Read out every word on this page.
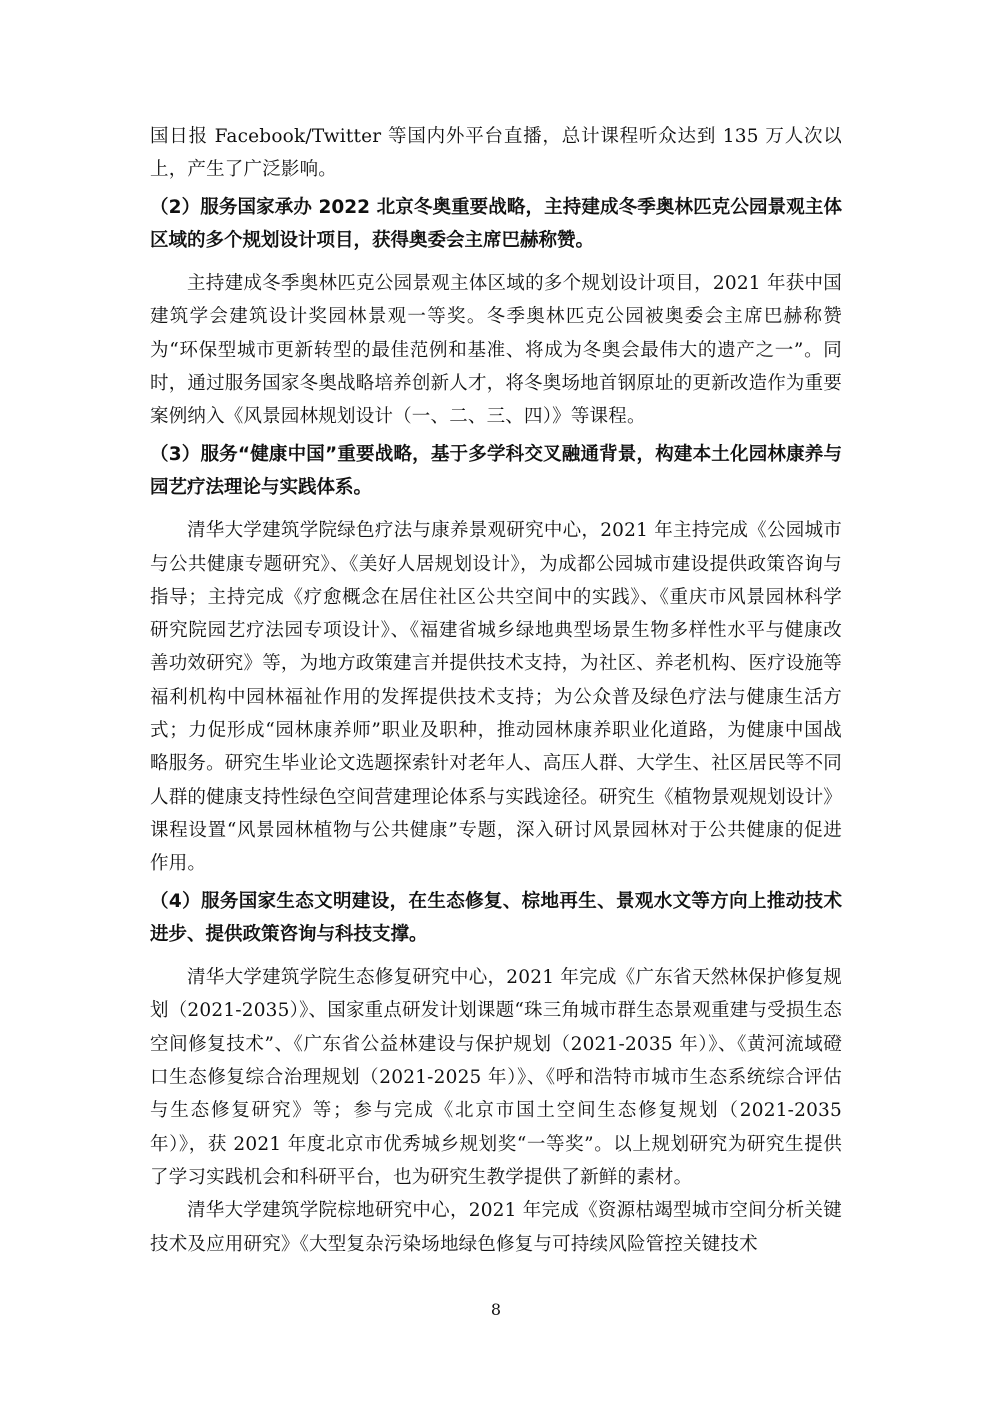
国日报 Facebook/Twitter 等国内外平台直播，总计课程听众达到 135 万人次以上，产生了广泛影响。

（2）服务国家承办 2022 北京冬奥重要战略，主持建成冬季奥林匹克公园景观主体区域的多个规划设计项目，获得奥委会主席巴赫称赞。

主持建成冬季奥林匹克公园景观主体区域的多个规划设计项目，2021 年获中国建筑学会建筑设计奖园林景观一等奖。冬季奥林匹克公园被奥委会主席巴赫称赞为“环保型城市更新转型的最佳范例和基准、将成为冬奥会最伟大的遗产之一”。同时，通过服务国家冬奥战略培养创新人才，将冬奥场地首钢原址的更新改造作为重要案例纳入《风景园林规划设计（一、二、三、四）》等课程。

（3）服务“健康中国”重要战略，基于多学科交叉融通背景，构建本土化园林康养与园艺疗法理论与实践体系。

清华大学建筑学院绿色疗法与康养景观研究中心，2021 年主持完成《公园城市与公共健康专题研究》、《美好人居规划设计》，为成都公园城市建设提供政策咨询与指导；主持完成《疗愈概念在居住社区公共空间中的实践》、《重庆市风景园林科学研究院园艺疗法园专项设计》、《福建省城乡绿地典型场景生物多样性水平与健康改善功效研究》等，为地方政策建言并提供技术支持，为社区、养老机构、医疗设施等福利机构中园林福祉作用的发挥提供技术支持；为公众普及绿色疗法与健康生活方式；力促形成“园林康养师”职业及职种，推动园林康养职业化道路，为健康中国战略服务。研究生毕业论文选题探索针对老年人、高压人群、大学生、社区居民等不同人群的健康支持性绿色空间营建理论体系与实践途径。研究生《植物景观规划设计》课程设置“风景园林植物与公共健康”专题，深入研讨风景园林对于公共健康的促进作用。

（4）服务国家生态文明建设，在生态修复、棕地再生、景观水文等方向上推动技术进步、提供政策咨询与科技支撑。

清华大学建筑学院生态修复研究中心，2021 年完成《广东省天然林保护修复规划（2021-2035）》、国家重点研发计划课题“珠三角城市群生态景观重建与受损生态空间修复技术”、《广东省公益林建设与保护规划（2021-2035 年）》、《黄河流域磴口生态修复综合治理规划（2021-2025 年）》、《呼和浩特市城市生态系统综合评估与生态修复研究》等；参与完成《北京市国土空间生态修复规划（2021-2035 年）》，获 2021 年度北京市优秀城乡规划奖“一等奖”。以上规划研究为研究生提供了学习实践机会和科研平台，也为研究生教学提供了新鲜的素材。

清华大学建筑学院棕地研究中心，2021 年完成《资源枯竭型城市空间分析关键技术及应用研究》《大型复杂污染场地绿色修复与可持续风险管控关键技术

8
